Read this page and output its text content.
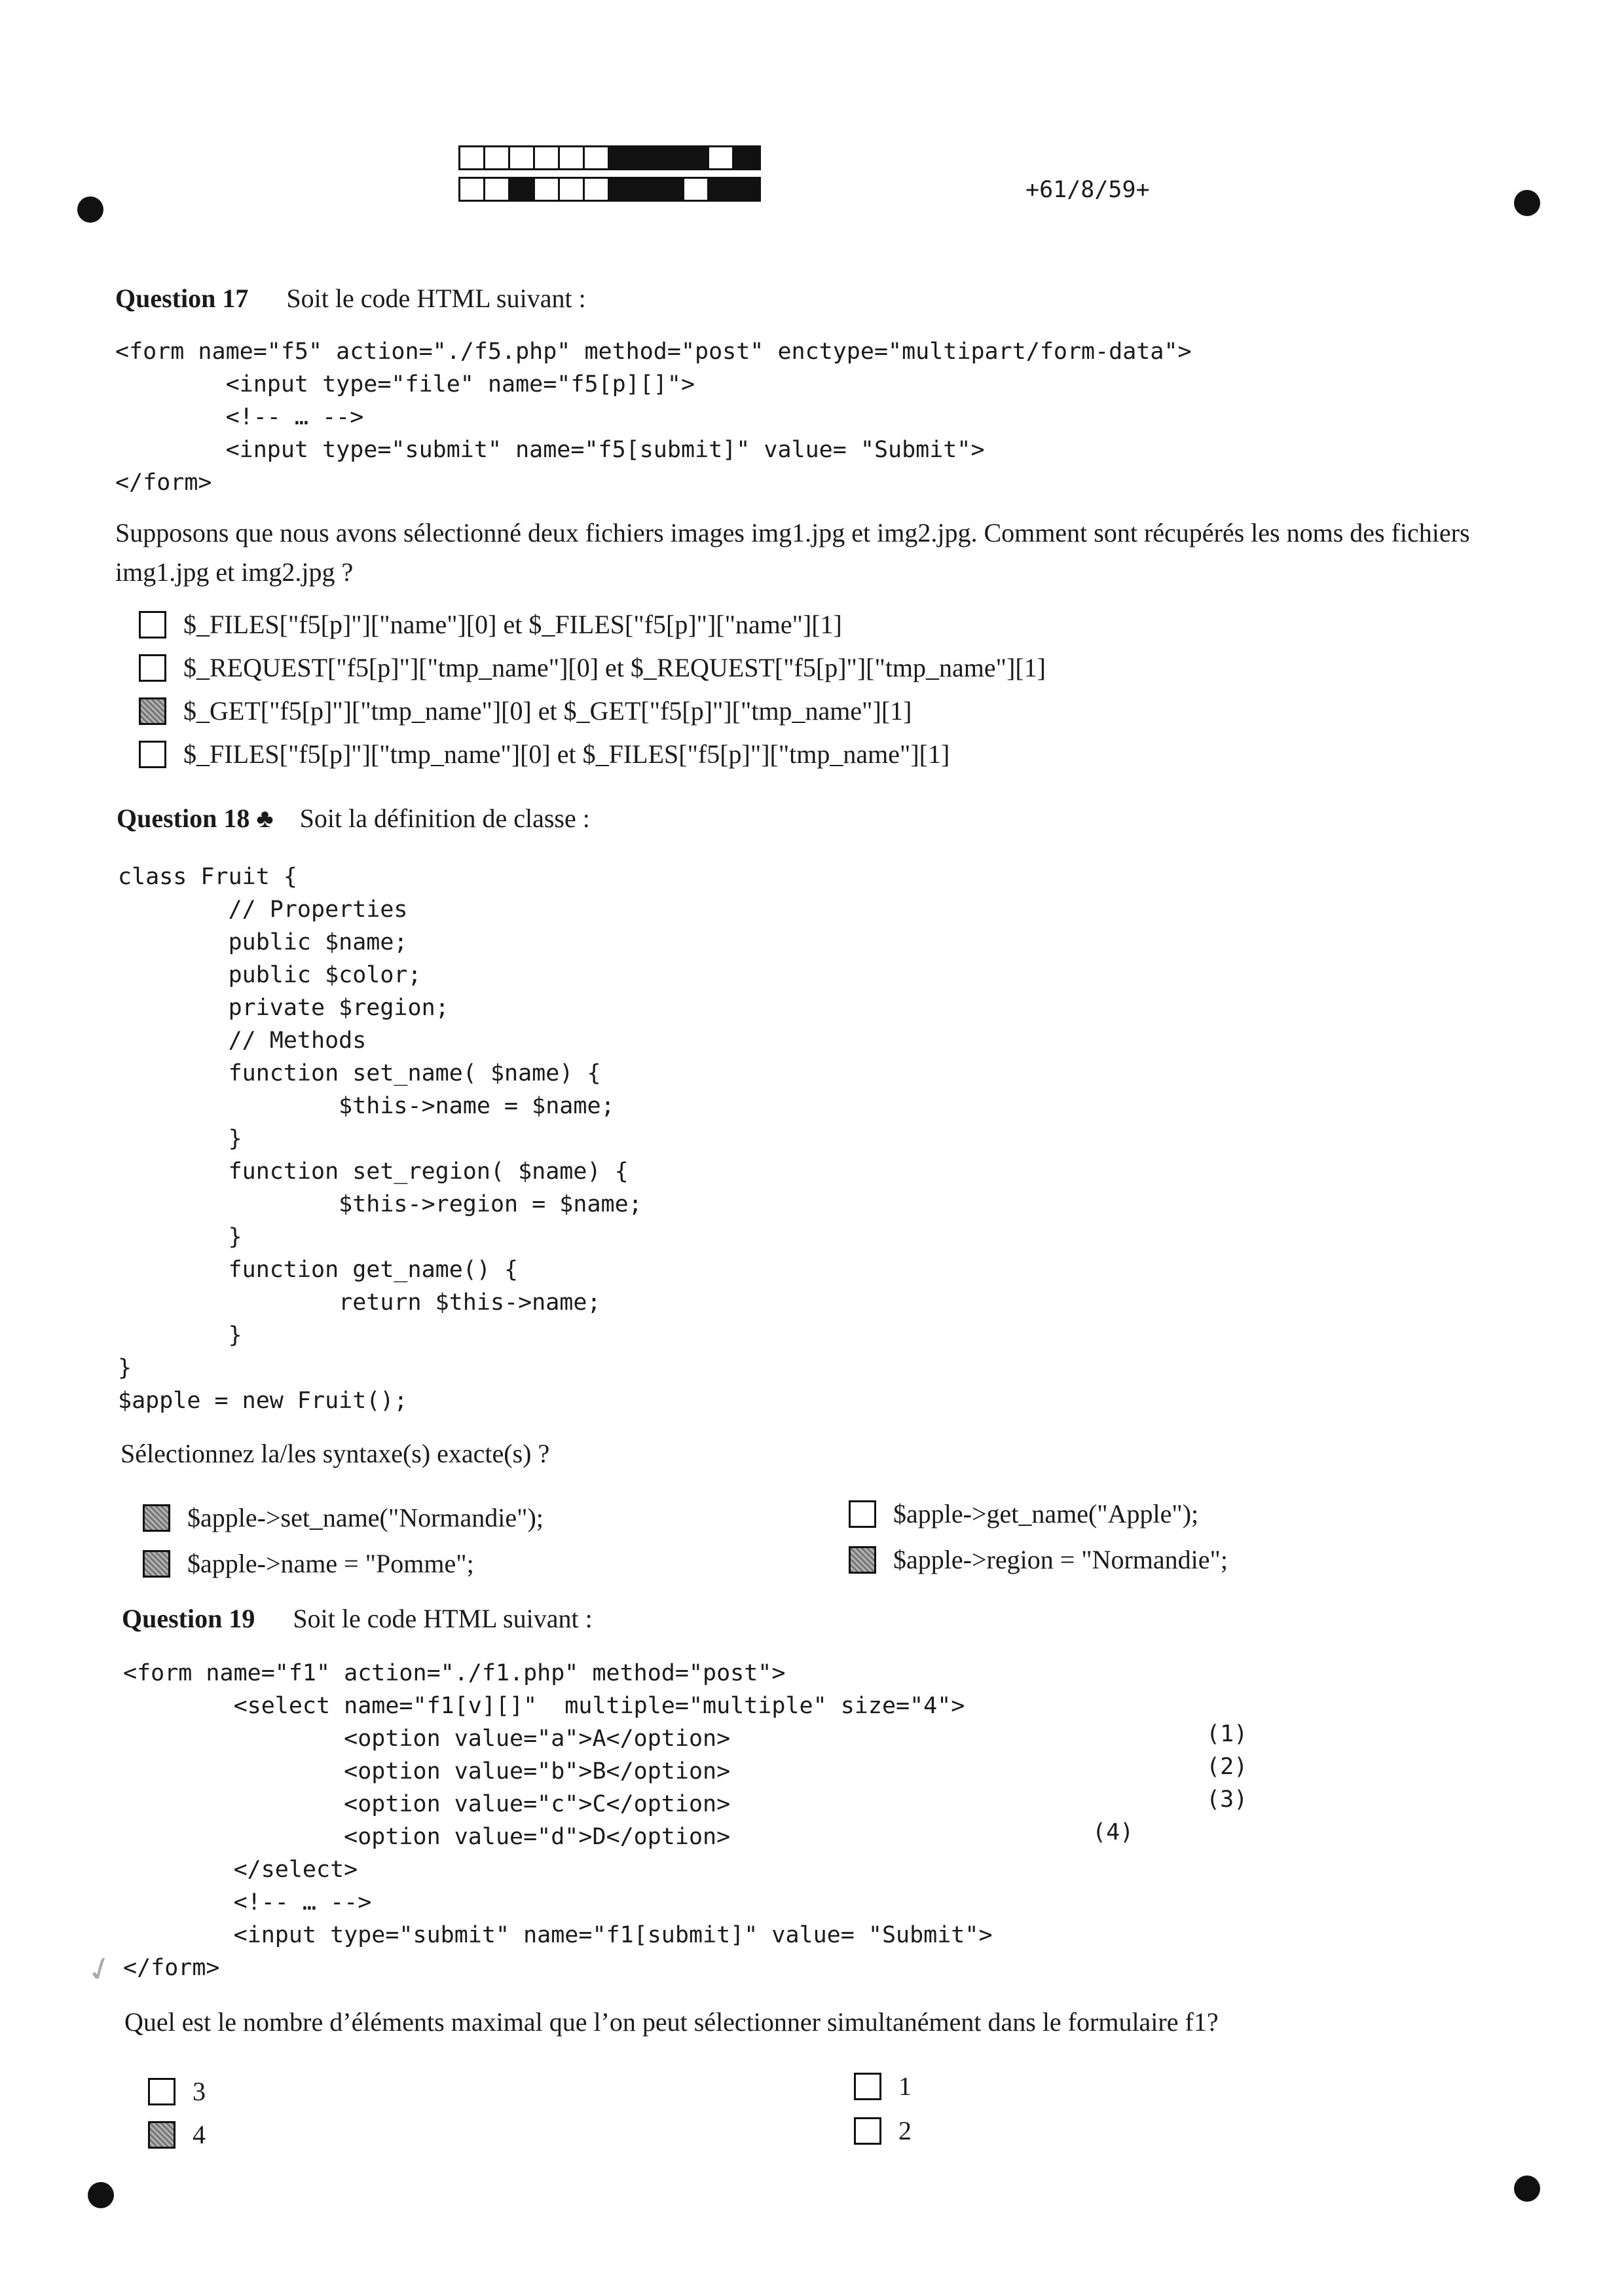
+61/8/59+
Question 17 Soit le code HTML suivant :
<form name="f5" action="./f5.php" method="post" enctype="multipart/form-data">
<input type="file" name="f5[p][]">
<!-- … -->
<input type="submit" name="f5[submit]" value= "Submit">
</form>
Supposons que nous avons sélectionné deux fichiers images img1.jpg et img2.jpg. Comment sont récupérés les noms des fichiers img1.jpg et img2.jpg ?
$_FILES["f5[p]"]["name"][0] et $_FILES["f5[p]"]["name"][1]
$_REQUEST["f5[p]"]["tmp_name"][0] et $_REQUEST["f5[p]"]["tmp_name"][1]
$_GET["f5[p]"]["tmp_name"][0] et $_GET["f5[p]"]["tmp_name"][1]
$_FILES["f5[p]"]["tmp_name"][0] et $_FILES["f5[p]"]["tmp_name"][1]
Question 18 ♣ Soit la définition de classe :
class Fruit {
// Properties
public $name;
public $color;
private $region;
// Methods
function set_name( $name) {
$this->name = $name;
}
function set_region( $name) {
$this->region = $name;
}
function get_name() {
return $this->name;
}
}
$apple = new Fruit();
Sélectionnez la/les syntaxe(s) exacte(s) ?
$apple->set_name("Normandie");
$apple->name = "Pomme";
$apple->get_name("Apple");
$apple->region = "Normandie";
Question 19 Soit le code HTML suivant :
<form name="f1" action="./f1.php" method="post">
<select name="f1[v][]"  multiple="multiple" size="4">
<option value="a">A</option>
<option value="b">B</option>
<option value="c">C</option>
<option value="d">D</option>
</select>
<!-- … -->
<input type="submit" name="f1[submit]" value= "Submit">
</form>
(1)
(2)
(3)
(4)
✓
Quel est le nombre d’éléments maximal que l’on peut sélectionner simultanément dans le formulaire f1?
3
4
1
2
